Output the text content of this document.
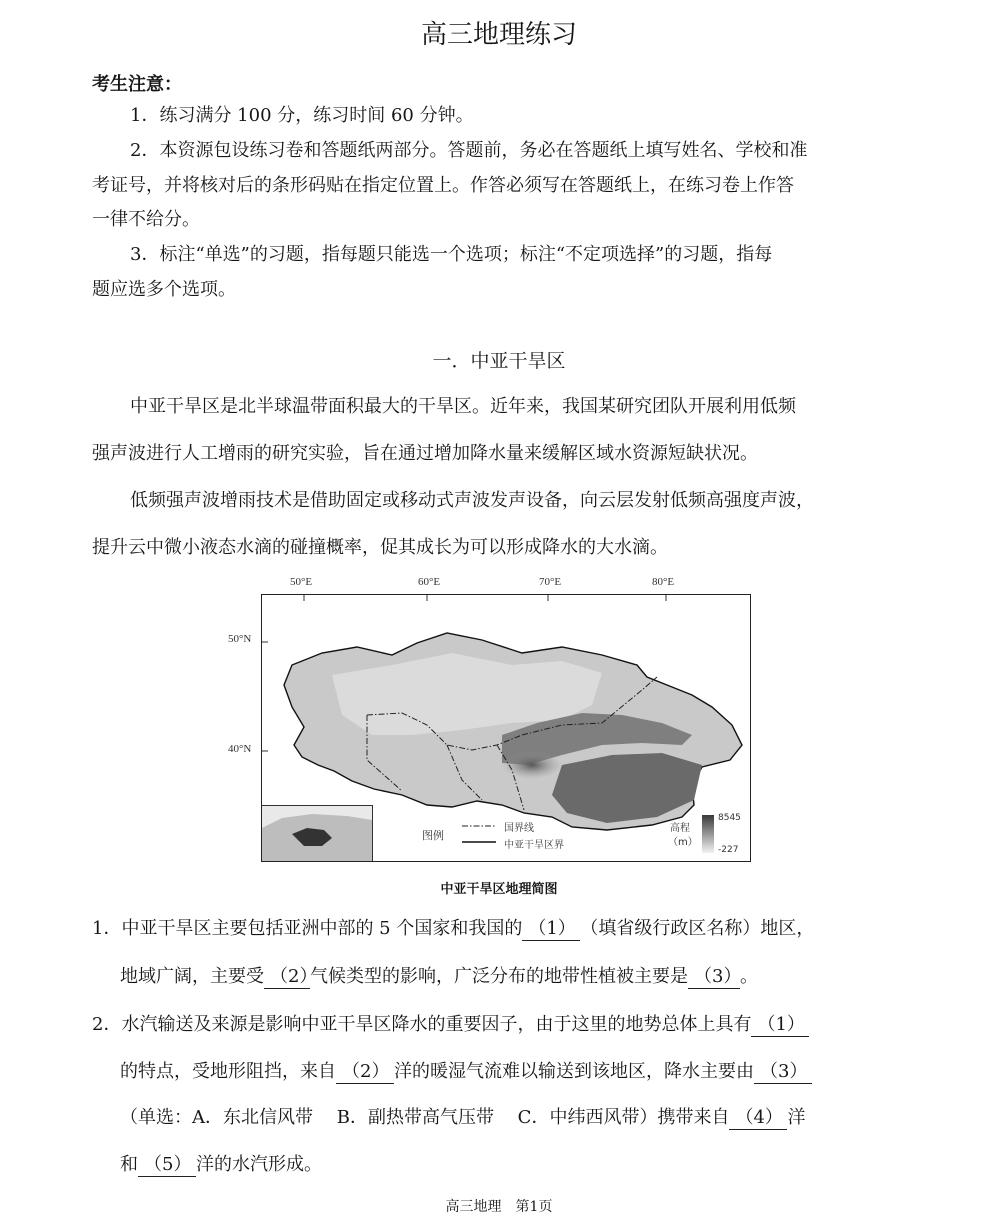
高三地理练习
考生注意：
1．练习满分 100 分，练习时间 60 分钟。
2．本资源包设练习卷和答题纸两部分。答题前，务必在答题纸上填写姓名、学校和准
考证号，并将核对后的条形码贴在指定位置上。作答必须写在答题纸上，在练习卷上作答
一律不给分。
3．标注“单选”的习题，指每题只能选一个选项；标注“不定项选择”的习题，指每
题应选多个选项。
一．中亚干旱区
中亚干旱区是北半球温带面积最大的干旱区。近年来，我国某研究团队开展利用低频
强声波进行人工增雨的研究实验，旨在通过增加降水量来缓解区域水资源短缺状况。
低频强声波增雨技术是借助固定或移动式声波发声设备，向云层发射低频高强度声波，
提升云中微小液态水滴的碰撞概率，促其成长为可以形成降水的大水滴。
50°E	60°E	70°E	80°E
50°N
40°N
图例
国界线
中亚干旱区界
高程
（m）
8545
-227
中亚干旱区地理简图
1．中亚干旱区主要包括亚洲中部的 5 个国家和我国的 （1） （填省级行政区名称）地区，
地域广阔，主要受 （2）气候类型的影响，广泛分布的地带性植被主要是 （3）。
2．水汽输送及来源是影响中亚干旱区降水的重要因子，由于这里的地势总体上具有 （1）
的特点，受地形阻挡，来自 （2） 洋的暖湿气流难以输送到该地区，降水主要由 （3）
（单选：A．东北信风带　 B．副热带高气压带　 C．中纬西风带）携带来自 （4） 洋
和 （5） 洋的水汽形成。
高三地理　第1页
